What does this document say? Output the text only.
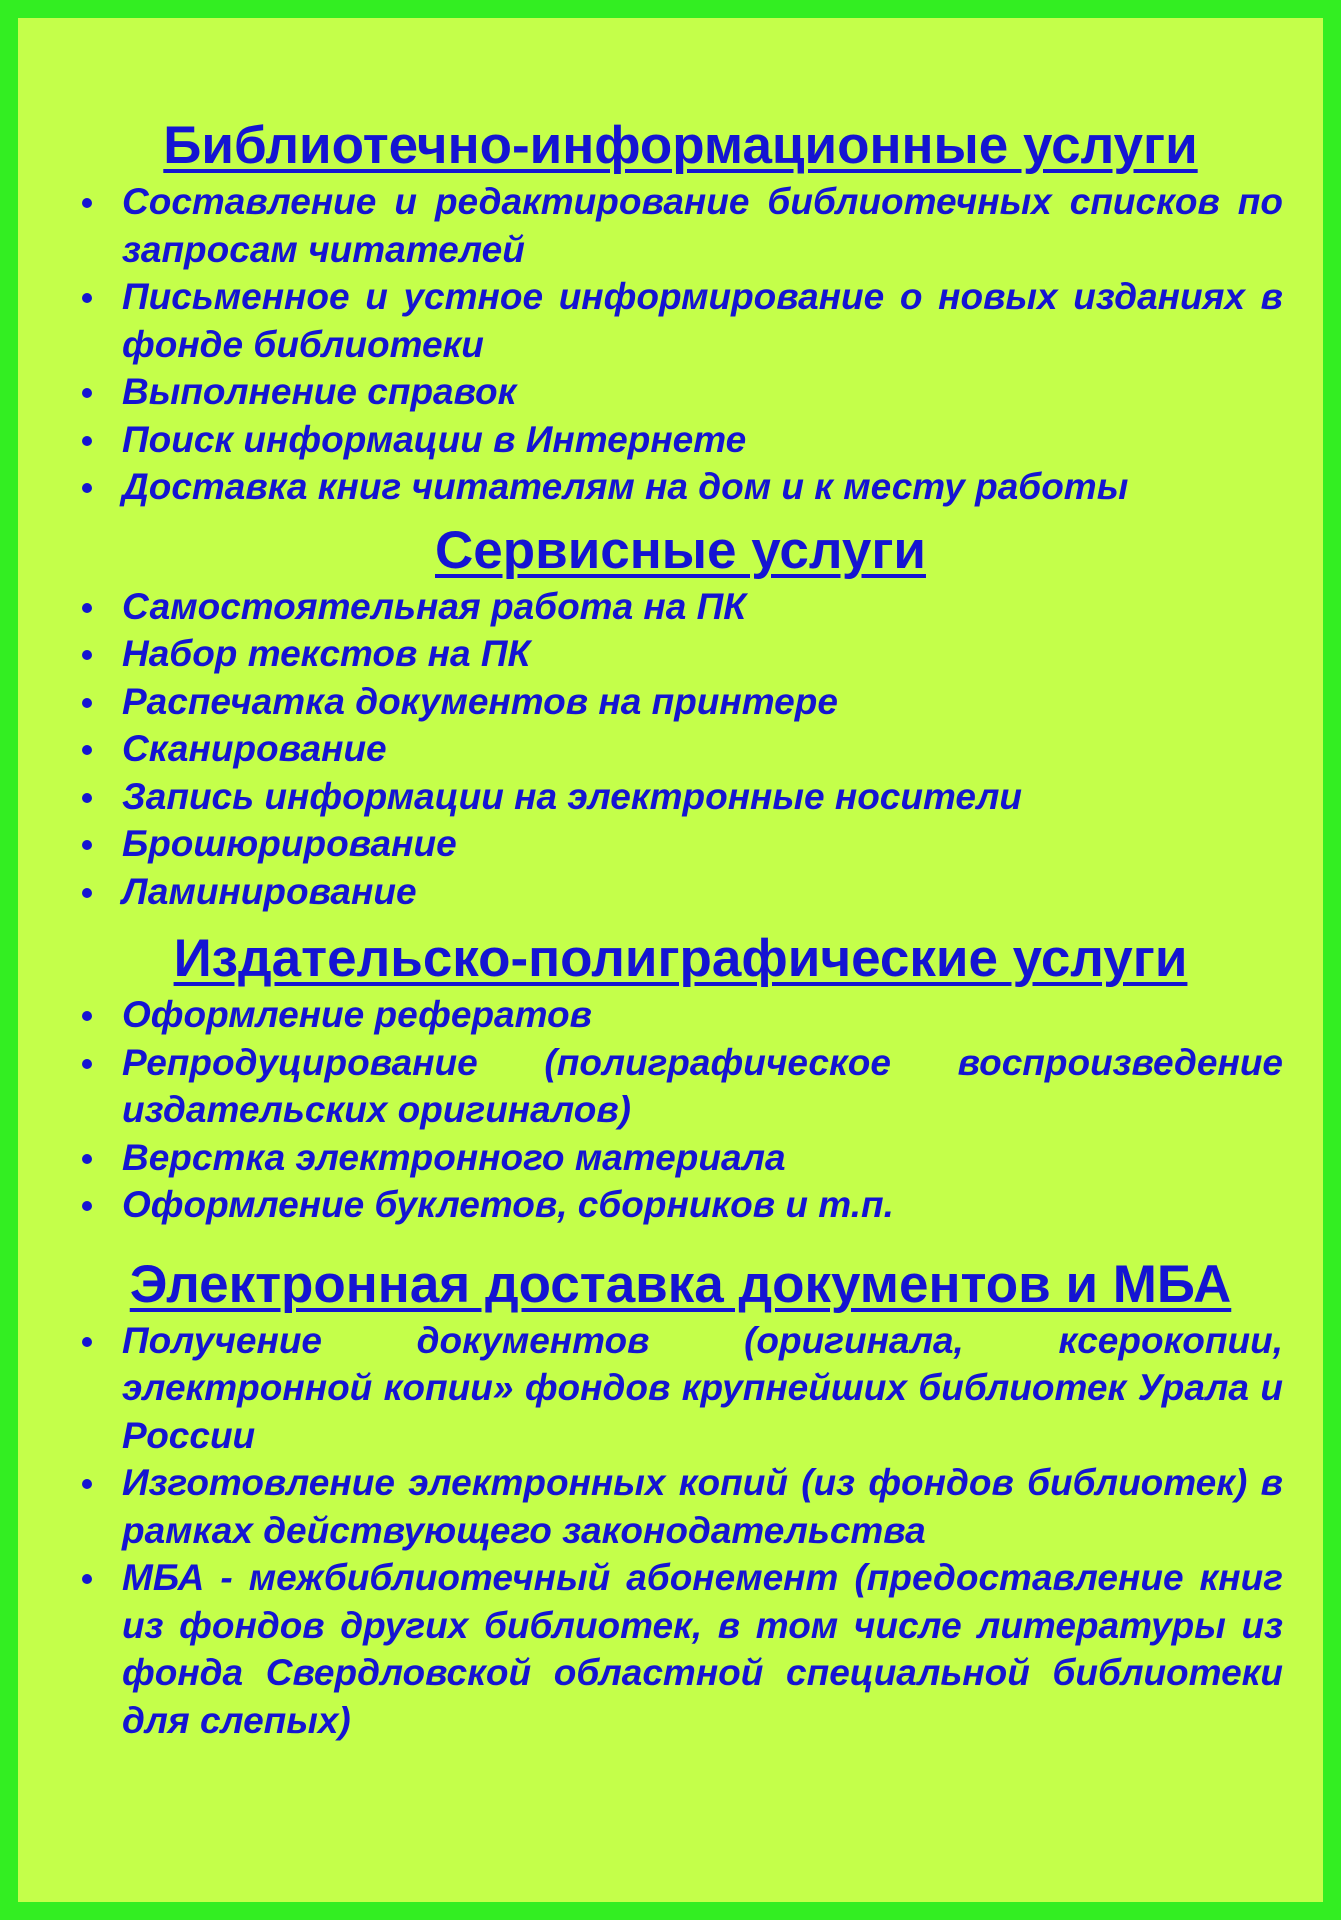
Библиотечно-информационные услуги
Составление и редактирование библиотечных списков по запросам читателей
Письменное и устное информирование о новых изданиях в фонде библиотеки
Выполнение справок
Поиск информации в Интернете
Доставка книг читателям на дом и к месту работы
Сервисные услуги
Самостоятельная работа на ПК
Набор текстов на ПК
Распечатка документов на принтере
Сканирование
Запись информации на электронные носители
Брошюрирование
Ламинирование
Издательско-полиграфические услуги
Оформление рефератов
Репродуцирование (полиграфическое воспроизведение издательских оригиналов)
Верстка электронного материала
Оформление буклетов, сборников и т.п.
Электронная доставка документов и МБА
Получение документов (оригинала, ксерокопии, электронной копии» фондов крупнейших библиотек Урала и России
Изготовление электронных копий (из фондов библиотек) в рамках действующего законодательства
МБА - межбиблиотечный абонемент (предоставление книг из фондов других библиотек, в том числе литературы из фонда Свердловской областной специальной библиотеки для слепых)
